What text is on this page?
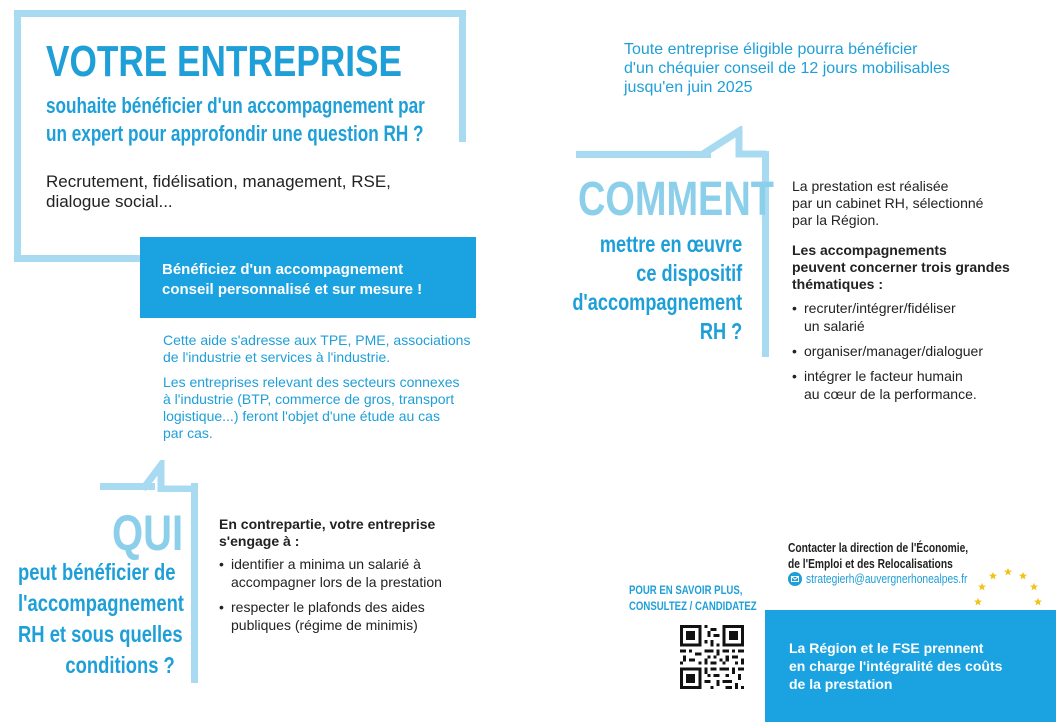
VOTRE ENTREPRISE
souhaite bénéficier d'un accompagnement par
un expert pour approfondir une question RH ?
Recrutement, fidélisation, management, RSE,
dialogue social...
Bénéficiez d'un accompagnement
conseil personnalisé et sur mesure !
Cette aide s'adresse aux TPE, PME, associations
de l'industrie et services à l'industrie.
Les entreprises relevant des secteurs connexes
à l'industrie (BTP, commerce de gros, transport
logistique...) feront l'objet d'une étude au cas
par cas.
QUI
peut bénéficier de
l'accompagnement
RH et sous quelles
conditions ?
En contrepartie, votre entreprise
s'engage à :
• identifier a minima un salarié à
accompagner lors de la prestation
• respecter le plafonds des aides
publiques (régime de minimis)
Toute entreprise éligible pourra bénéficier
d'un chéquier conseil de 12 jours mobilisables
jusqu'en juin 2025
COMMENT
mettre en œuvre
ce dispositif
d'accompagnement
RH ?
La prestation est réalisée
par un cabinet RH, sélectionné
par la Région.
Les accompagnements
peuvent concerner trois grandes
thématiques :
• recruter/intégrer/fidéliser
un salarié
• organiser/manager/dialoguer
• intégrer le facteur humain
au cœur de la performance.
POUR EN SAVOIR PLUS,
CONSULTEZ / CANDIDATEZ
Contacter la direction de l'Économie,
de l'Emploi et des Relocalisations
strategierh@auvergnerhonealpes.fr
La Région et le FSE prennent
en charge l'intégralité des coûts
de la prestation
